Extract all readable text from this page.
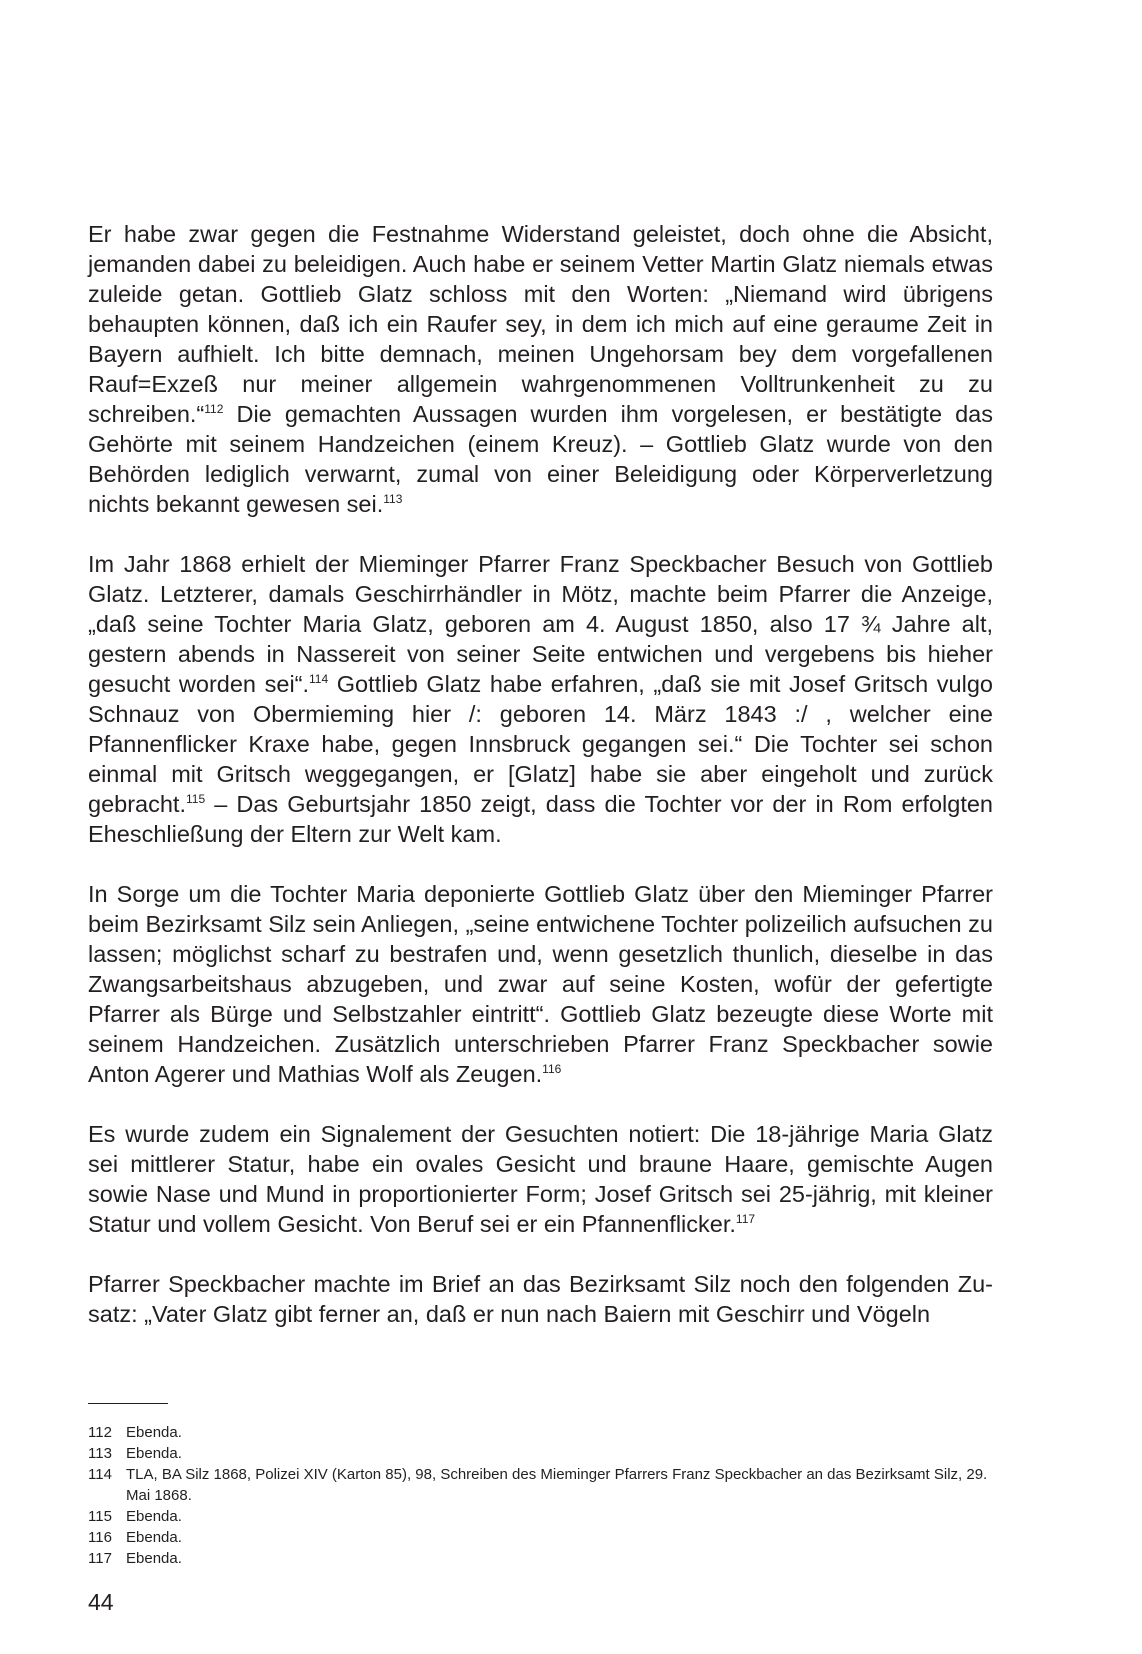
Er habe zwar gegen die Festnahme Widerstand geleistet, doch ohne die Absicht, jemanden dabei zu beleidigen. Auch habe er seinem Vetter Martin Glatz niemals etwas zuleide getan. Gottlieb Glatz schloss mit den Worten: „Niemand wird übrigens behaupten können, daß ich ein Raufer sey, in dem ich mich auf eine geraume Zeit in Bayern aufhielt. Ich bitte demnach, meinen Ungehorsam bey dem vorgefallenen Rauf=Exzeß nur meiner allgemein wahrgenommenen Volltrunkenheit zu zu schreiben.“$^{112}$ Die gemachten Aussagen wurden ihm vorgelesen, er bestätigte das Gehörte mit seinem Handzeichen (einem Kreuz). – Gottlieb Glatz wurde von den Behörden lediglich verwarnt, zumal von einer Beleidigung oder Körperverletzung nichts bekannt gewesen sei.$^{113}$

Im Jahr 1868 erhielt der Mieminger Pfarrer Franz Speckbacher Besuch von Gottlieb Glatz. Letzterer, damals Geschirrhändler in Mötz, machte beim Pfarrer die Anzeige, „daß seine Tochter Maria Glatz, geboren am 4. August 1850, also 17 ¾ Jahre alt, gestern abends in Nassereit von seiner Seite entwichen und vergebens bis hieher gesucht worden sei“.$^{114}$ Gottlieb Glatz habe erfahren, „daß sie mit Josef Gritsch vulgo Schnauz von Obermieming hier /: geboren 14. März 1843 :/ , welcher eine Pfannenflicker Kraxe habe, gegen Innsbruck gegangen sei.“ Die Tochter sei schon einmal mit Gritsch weggegangen, er [Glatz] habe sie aber eingeholt und zurück gebracht.$^{115}$ – Das Geburtsjahr 1850 zeigt, dass die Tochter vor der in Rom erfolgten Eheschließung der Eltern zur Welt kam.

In Sorge um die Tochter Maria deponierte Gottlieb Glatz über den Mieminger Pfarrer beim Bezirksamt Silz sein Anliegen, „seine entwichene Tochter polizeilich aufsuchen zu lassen; möglichst scharf zu bestrafen und, wenn gesetzlich thunlich, dieselbe in das Zwangsarbeitshaus abzugeben, und zwar auf seine Kosten, wofür der gefertigte Pfarrer als Bürge und Selbstzahler eintritt“. Gottlieb Glatz bezeugte diese Worte mit seinem Handzeichen. Zusätzlich unterschrieben Pfarrer Franz Speckbacher sowie Anton Agerer und Mathias Wolf als Zeugen.$^{116}$

Es wurde zudem ein Signalement der Gesuchten notiert: Die 18-jährige Maria Glatz sei mittlerer Statur, habe ein ovales Gesicht und braune Haare, gemischte Augen sowie Nase und Mund in proportionierter Form; Josef Gritsch sei 25-jährig, mit kleiner Statur und vollem Gesicht. Von Beruf sei er ein Pfannenflicker.$^{117}$

Pfarrer Speckbacher machte im Brief an das Bezirksamt Silz noch den folgenden Zusatz: „Vater Glatz gibt ferner an, daß er nun nach Baiern mit Geschirr und Vögeln

112 Ebenda.
113 Ebenda.
114 TLA, BA Silz 1868, Polizei XIV (Karton 85), 98, Schreiben des Mieminger Pfarrers Franz Speckbacher an das Bezirksamt Silz, 29. Mai 1868.
115 Ebenda.
116 Ebenda.
117 Ebenda.
44
